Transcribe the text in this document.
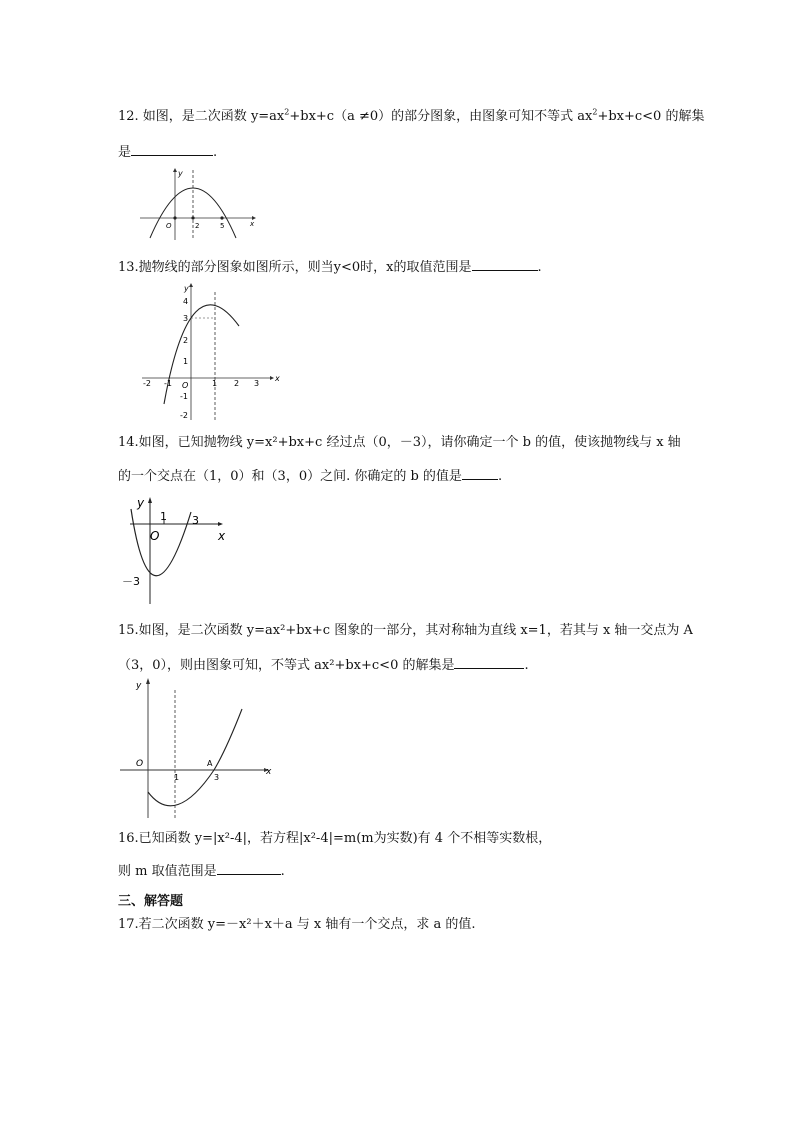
12. 如图，是二次函数 $y=ax^2+bx+c(a \ne 0)$的部分图象，由图象可知不等式 $ax^2+bx+c<0$ 的解集
是	.
y
O	2	5	x
13.抛物线的部分图象如图所示，则当y<0时，x的取值范围是	.
y
x
O
-2 -1	1 2 3
4
3
2
1
-1
-2
14.如图，已知抛物线 y=x²+bx+c 经过点（0，－3），请你确定一个 b 的值，使该抛物线与 x 轴
的一个交点在（1，0）和（3，0）之间. 你确定的 b 的值是	.
y
O	x
1 3
－3
15.如图，是二次函数 y=ax²+bx+c 图象的一部分，其对称轴为直线 x=1，若其与 x 轴一交点为 A
（3，0），则由图象可知，不等式 ax²+bx+c<0 的解集是	.
y
O
x
1
A
3
16.已知函数 y=|x²-4|，若方程|x²-4|=m(m为实数)有 4 个不相等实数根，
则 m 取值范围是	.
三、解答题
17.若二次函数 y=－x²＋x＋a 与 x 轴有一个交点，求 a 的值.
